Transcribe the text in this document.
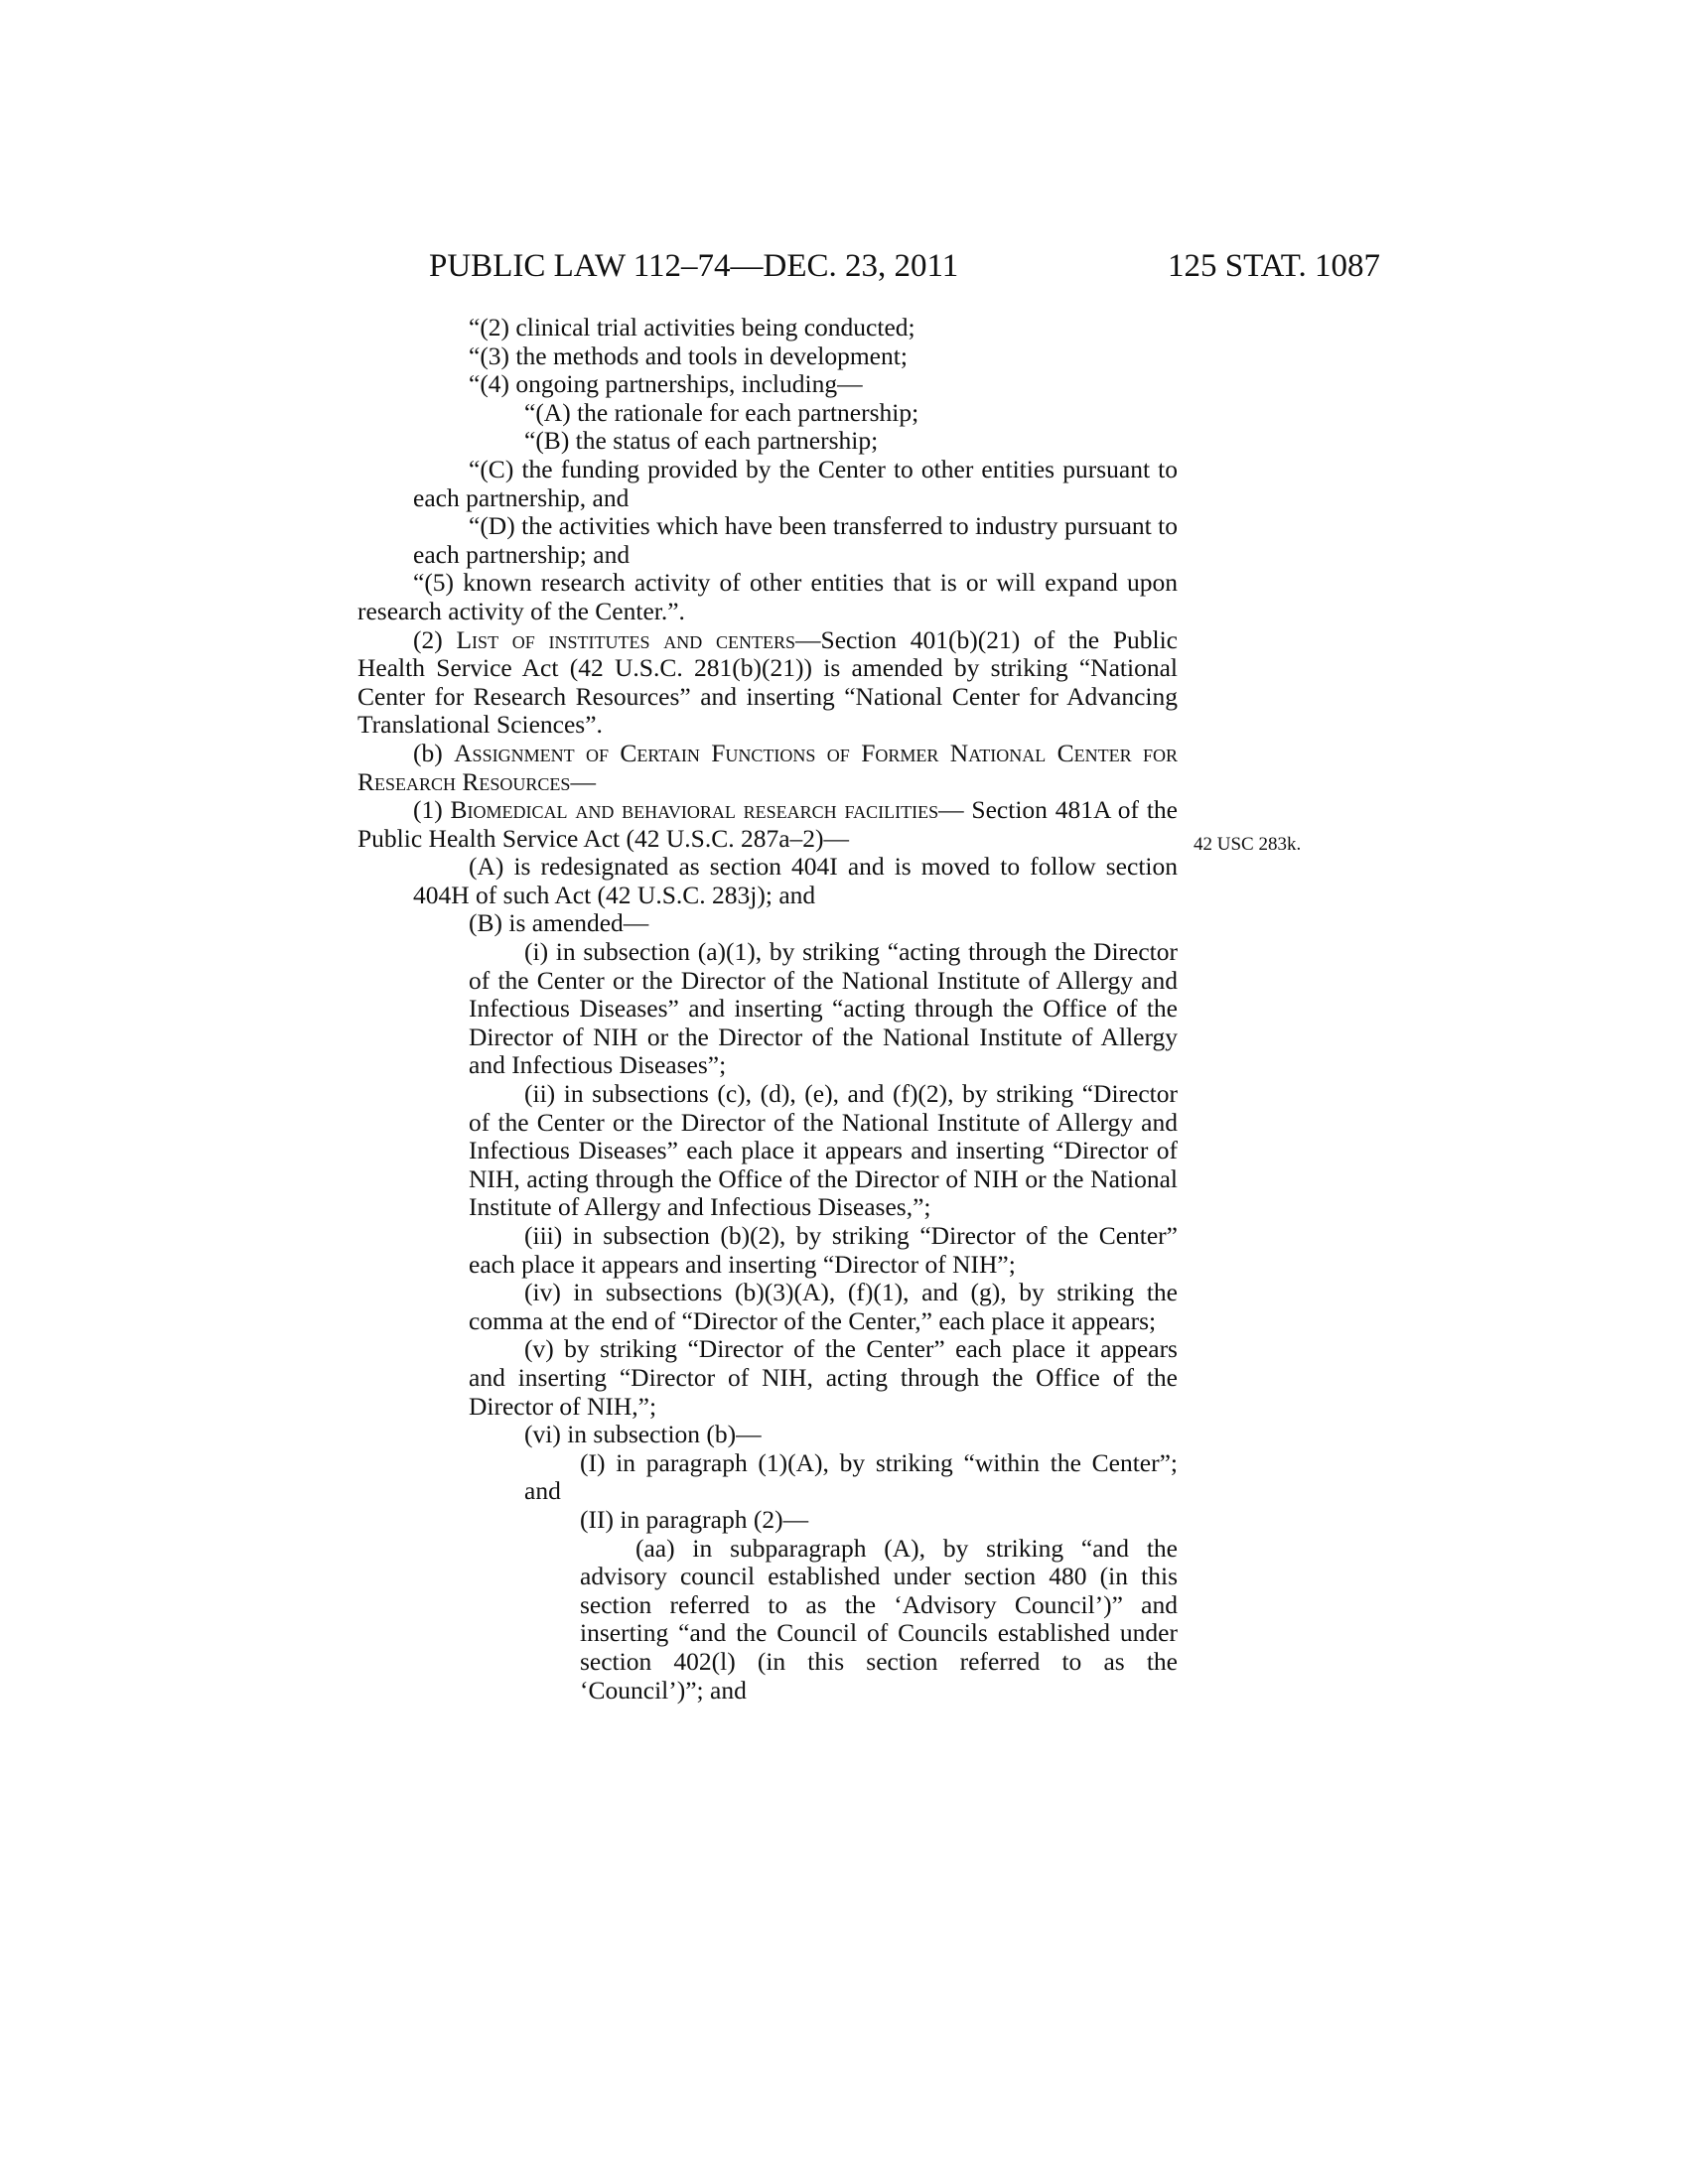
PUBLIC LAW 112–74—DEC. 23, 2011	125 STAT. 1087
42 USC 283k.

“(2) clinical trial activities being conducted;

“(3) the methods and tools in development;

“(4) ongoing partnerships, including—

“(A) the rationale for each partnership;

“(B) the status of each partnership;

“(C) the funding provided by the Center to other entities pursuant to each partnership, and

“(D) the activities which have been transferred to industry pursuant to each partnership; and

“(5) known research activity of other entities that is or will expand upon research activity of the Center.”.

(2) List of institutes and centers—Section 401(b)(21) of the Public Health Service Act (42 U.S.C. 281(b)(21)) is amended by striking “National Center for Research Resources” and inserting “National Center for Advancing Translational Sciences”.

(b) Assignment of Certain Functions of Former National Center for Research Resources—

(1) Biomedical and behavioral research facilities— Section 481A of the Public Health Service Act (42 U.S.C. 287a–2)—

(A) is redesignated as section 404I and is moved to follow section 404H of such Act (42 U.S.C. 283j); and

(B) is amended—

(i) in subsection (a)(1), by striking “acting through the Director of the Center or the Director of the National Institute of Allergy and Infectious Diseases” and inserting “acting through the Office of the Director of NIH or the Director of the National Institute of Allergy and Infectious Diseases”;

(ii) in subsections (c), (d), (e), and (f)(2), by striking “Director of the Center or the Director of the National Institute of Allergy and Infectious Diseases” each place it appears and inserting “Director of NIH, acting through the Office of the Director of NIH or the National Institute of Allergy and Infectious Diseases,”;

(iii) in subsection (b)(2), by striking “Director of the Center” each place it appears and inserting “Director of NIH”;

(iv) in subsections (b)(3)(A), (f)(1), and (g), by striking the comma at the end of “Director of the Center,” each place it appears;

(v) by striking “Director of the Center” each place it appears and inserting “Director of NIH, acting through the Office of the Director of NIH,”;

(vi) in subsection (b)—

(I) in paragraph (1)(A), by striking “within the Center”; and

(II) in paragraph (2)—

(aa) in subparagraph (A), by striking “and the advisory council established under section 480 (in this section referred to as the ‘Advisory Council’)” and inserting “and the Council of Councils established under section 402(l) (in this section referred to as the ‘Council’)”; and
